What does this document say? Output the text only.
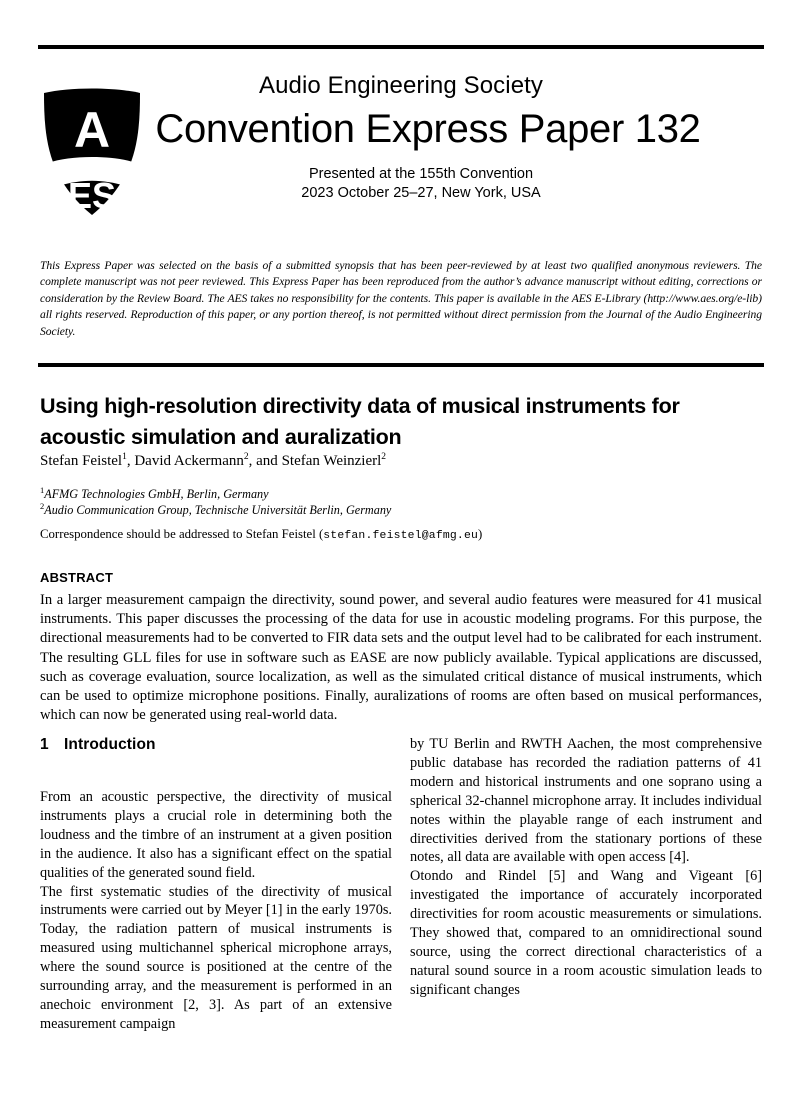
A
ES
Audio Engineering Society
Convention Express Paper 132
Presented at the 155th Convention
2023 October 25–27, New York, USA
This Express Paper was selected on the basis of a submitted synopsis that has been peer-reviewed by at least two qualified anonymous reviewers. The complete manuscript was not peer reviewed. This Express Paper has been reproduced from the author’s advance manuscript without editing, corrections or consideration by the Review Board. The AES takes no responsibility for the contents. This paper is available in the AES E-Library (http://www.aes.org/e-lib) all rights reserved. Reproduction of this paper, or any portion thereof, is not permitted without direct permission from the Journal of the Audio Engineering Society.
Using high-resolution directivity data of musical instruments for acoustic simulation and auralization
Stefan Feistel$^1$, David Ackermann$^2$, and Stefan Weinzierl$^2$
$^1$AFMG Technologies GmbH, Berlin, Germany
$^2$Audio Communication Group, Technische Universität Berlin, Germany
Correspondence should be addressed to Stefan Feistel (stefan.feistel@afmg.eu)
ABSTRACT
In a larger measurement campaign the directivity, sound power, and several audio features were measured for 41 musical instruments. This paper discusses the processing of the data for use in acoustic modeling programs. For this purpose, the directional measurements had to be converted to FIR data sets and the output level had to be calibrated for each instrument. The resulting GLL files for use in software such as EASE are now publicly available. Typical applications are discussed, such as coverage evaluation, source localization, as well as the simulated critical distance of musical instruments, which can be used to optimize microphone positions. Finally, auralizations of rooms are often based on musical performances, which can now be generated using real-world data.
1 Introduction

From an acoustic perspective, the directivity of musical instruments plays a crucial role in determining both the loudness and the timbre of an instrument at a given position in the audience. It also has a significant effect on the spatial qualities of the generated sound field.

The first systematic studies of the directivity of musical instruments were carried out by Meyer [1] in the early 1970s. Today, the radiation pattern of musical instruments is measured using multichannel spherical microphone arrays, where the sound source is positioned at the centre of the surrounding array, and the measurement is performed in an anechoic environment [2, 3]. As part of an extensive measurement campaign

by TU Berlin and RWTH Aachen, the most comprehensive public database has recorded the radiation patterns of 41 modern and historical instruments and one soprano using a spherical 32-channel microphone array. It includes individual notes within the playable range of each instrument and directivities derived from the stationary portions of these notes, all data are available with open access [4].

Otondo and Rindel [5] and Wang and Vigeant [6] investigated the importance of accurately incorporated directivities for room acoustic measurements or simulations. They showed that, compared to an omnidirectional sound source, using the correct directional characteristics of a natural sound source in a room acoustic simulation leads to significant changes
